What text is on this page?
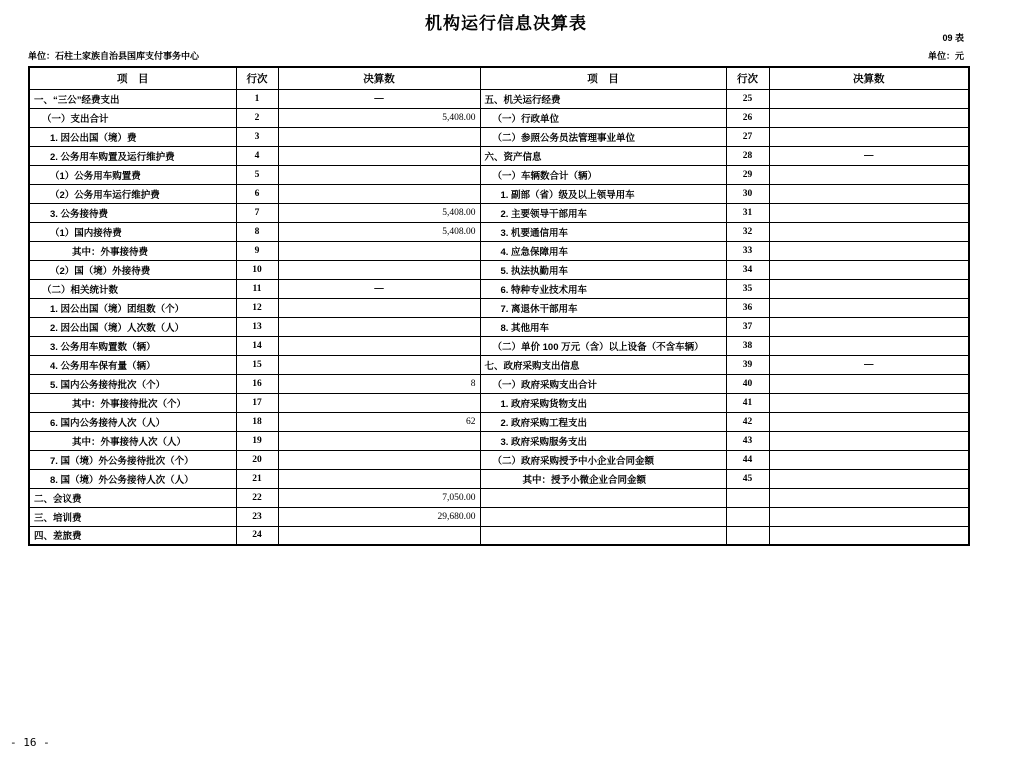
机构运行信息决算表
09 表
单位：石柱土家族自治县国库支付事务中心	单位：元
项　目	行次	决算数	项　目	行次	决算数
一、“三公”经费支出	1	—	五、机关运行经费	25	
（一）支出合计	2	5,408.00	（一）行政单位	26	
1. 因公出国（境）费	3		（二）参照公务员法管理事业单位	27	
2. 公务用车购置及运行维护费	4		六、资产信息	28	—
（1）公务用车购置费	5		（一）车辆数合计（辆）	29	
（2）公务用车运行维护费	6		1. 副部（省）级及以上领导用车	30	
3. 公务接待费	7	5,408.00	2. 主要领导干部用车	31	
（1）国内接待费	8	5,408.00	3. 机要通信用车	32	
其中：外事接待费	9		4. 应急保障用车	33	
（2）国（境）外接待费	10		5. 执法执勤用车	34	
（二）相关统计数	11	—	6. 特种专业技术用车	35	
1. 因公出国（境）团组数（个）	12		7. 离退休干部用车	36	
2. 因公出国（境）人次数（人）	13		8. 其他用车	37	
3. 公务用车购置数（辆）	14		（二）单价 100 万元（含）以上设备（不含车辆）	38	
4. 公务用车保有量（辆）	15		七、政府采购支出信息	39	—
5. 国内公务接待批次（个）	16	8	（一）政府采购支出合计	40	
其中：外事接待批次（个）	17		1. 政府采购货物支出	41	
6. 国内公务接待人次（人）	18	62	2. 政府采购工程支出	42	
其中：外事接待人次（人）	19		3. 政府采购服务支出	43	
7. 国（境）外公务接待批次（个）	20		（二）政府采购授予中小企业合同金额	44	
8. 国（境）外公务接待人次（人）	21		其中：授予小微企业合同金额	45	
二、会议费	22	7,050.00			
三、培训费	23	29,680.00			
四、差旅费	24				
- 16 -
